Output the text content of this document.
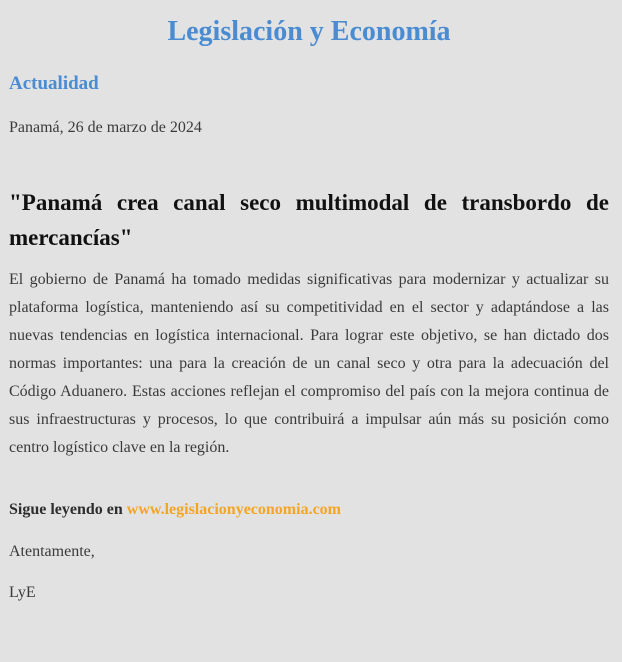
Legislación y Economía
Actualidad
Panamá, 26 de marzo de 2024
"Panamá crea canal seco multimodal de transbordo de mercancías"

El gobierno de Panamá ha tomado medidas significativas para modernizar y actualizar su plataforma logística, manteniendo así su competitividad en el sector y adaptándose a las nuevas tendencias en logística internacional. Para lograr este objetivo, se han dictado dos normas importantes: una para la creación de un canal seco y otra para la adecuación del Código Aduanero. Estas acciones reflejan el compromiso del país con la mejora continua de sus infraestructuras y procesos, lo que contribuirá a impulsar aún más su posición como centro logístico clave en la región.

Sigue leyendo en www.legislacionyeconomia.com
Atentamente,
LyE
